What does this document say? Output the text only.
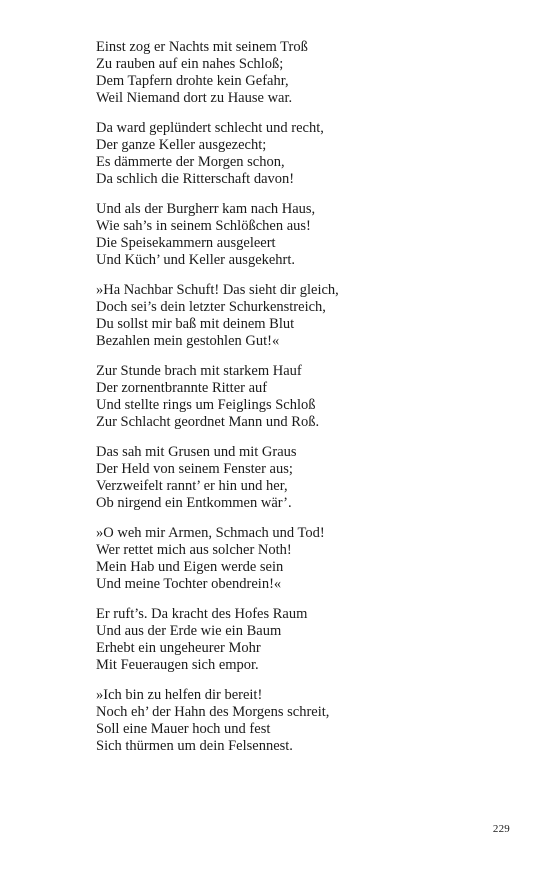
Einst zog er Nachts mit seinem Troß
Zu rauben auf ein nahes Schloß;
Dem Tapfern drohte kein Gefahr,
Weil Niemand dort zu Hause war.
Da ward geplündert schlecht und recht,
Der ganze Keller ausgezecht;
Es dämmerte der Morgen schon,
Da schlich die Ritterschaft davon!
Und als der Burgherr kam nach Haus,
Wie sah’s in seinem Schlößchen aus!
Die Speisekammern ausgeleert
Und Küch’ und Keller ausgekehrt.
»Ha Nachbar Schuft! Das sieht dir gleich,
Doch sei’s dein letzter Schurkenstreich,
Du sollst mir baß mit deinem Blut
Bezahlen mein gestohlen Gut!«
Zur Stunde brach mit starkem Hauf
Der zornentbrannte Ritter auf
Und stellte rings um Feiglings Schloß
Zur Schlacht geordnet Mann und Roß.
Das sah mit Grusen und mit Graus
Der Held von seinem Fenster aus;
Verzweifelt rannt’ er hin und her,
Ob nirgend ein Entkommen wär’.
»O weh mir Armen, Schmach und Tod!
Wer rettet mich aus solcher Noth!
Mein Hab und Eigen werde sein
Und meine Tochter obendrein!«
Er ruft’s. Da kracht des Hofes Raum
Und aus der Erde wie ein Baum
Erhebt ein ungeheurer Mohr
Mit Feueraugen sich empor.
»Ich bin zu helfen dir bereit!
Noch eh’ der Hahn des Morgens schreit,
Soll eine Mauer hoch und fest
Sich thürmen um dein Felsennest.
229
